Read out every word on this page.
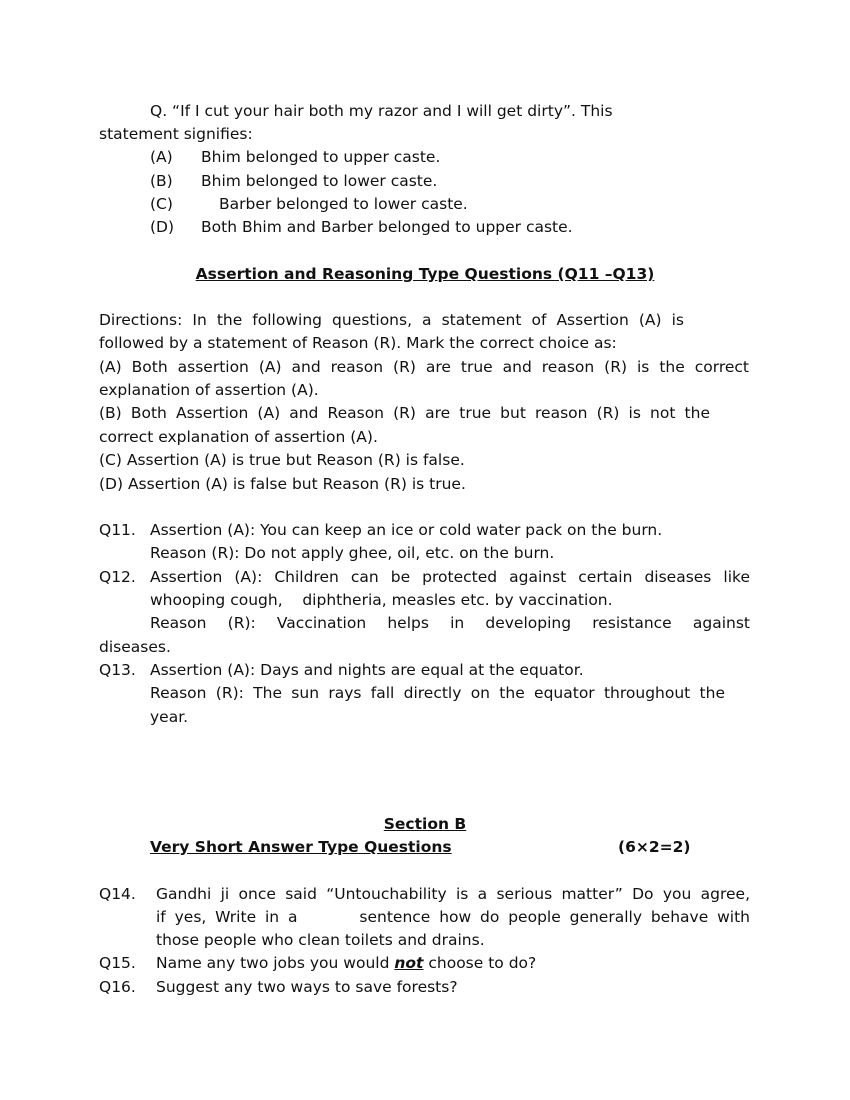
Q. “If I cut your hair both my razor and I will get dirty”. This
statement signifies:
(A) Bhim belonged to upper caste.
(B) Bhim belonged to lower caste.
(C)	Barber belonged to lower caste.
(D) Both Bhim and Barber belonged to upper caste.
Assertion and Reasoning Type Questions (Q11 –Q13)
Directions: In the following questions, a statement of Assertion (A) is
followed by a statement of Reason (R). Mark the correct choice as:
(A) Both assertion (A) and reason (R) are true and reason (R) is the correct
explanation of assertion (A).
(B) Both Assertion (A) and Reason (R) are true but reason (R) is not the
correct explanation of assertion (A).
(C) Assertion (A) is true but Reason (R) is false.
(D) Assertion (A) is false but Reason (R) is true.
Q11. Assertion (A): You can keep an ice or cold water pack on the burn.
Reason (R): Do not apply ghee, oil, etc. on the burn.
Q12. Assertion (A): Children can be protected against certain diseases like
whooping cough,    diphtheria, measles etc. by vaccination.
Reason (R): Vaccination helps in developing resistance against
diseases.
Q13. Assertion (A): Days and nights are equal at the equator.
Reason (R): The sun rays fall directly on the equator throughout the
year.
Section B
Very Short Answer Type Questions	(6×2=2)
Q14. Gandhi ji once said “Untouchability is a serious matter” Do you agree,
if yes, Write in a       sentence how do people generally behave with
those people who clean toilets and drains.
Q15. Name any two jobs you would not choose to do?
Q16. Suggest any two ways to save forests?
